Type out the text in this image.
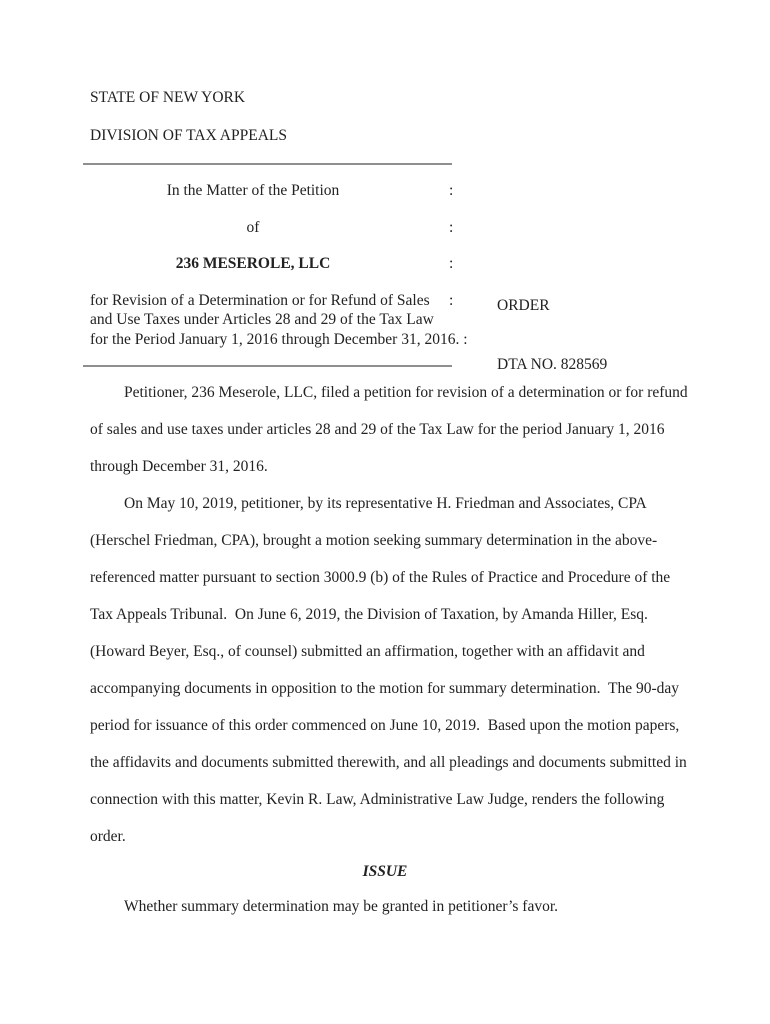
STATE OF NEW YORK
DIVISION OF TAX APPEALS
In the Matter of the Petition
of
236 MESEROLE, LLC
:
:
:
:

	ORDER

DTA NO. 828569

for Revision of a Determination or for Refund of Sales
and Use Taxes under Articles 28 and 29 of the Tax Law
for the Period January 1, 2016 through December 31, 2016. :
Petitioner, 236 Meserole, LLC, filed a petition for revision of a determination or for refund
of sales and use taxes under articles 28 and 29 of the Tax Law for the period January 1, 2016
through December 31, 2016.
On May 10, 2019, petitioner, by its representative H. Friedman and Associates, CPA
(Herschel Friedman, CPA), brought a motion seeking summary determination in the above-
referenced matter pursuant to section 3000.9 (b) of the Rules of Practice and Procedure of the
Tax Appeals Tribunal.  On June 6, 2019, the Division of Taxation, by Amanda Hiller, Esq.
(Howard Beyer, Esq., of counsel) submitted an affirmation, together with an affidavit and
accompanying documents in opposition to the motion for summary determination.  The 90-day
period for issuance of this order commenced on June 10, 2019.  Based upon the motion papers,
the affidavits and documents submitted therewith, and all pleadings and documents submitted in
connection with this matter, Kevin R. Law, Administrative Law Judge, renders the following
order.
ISSUE
Whether summary determination may be granted in petitioner’s favor.
